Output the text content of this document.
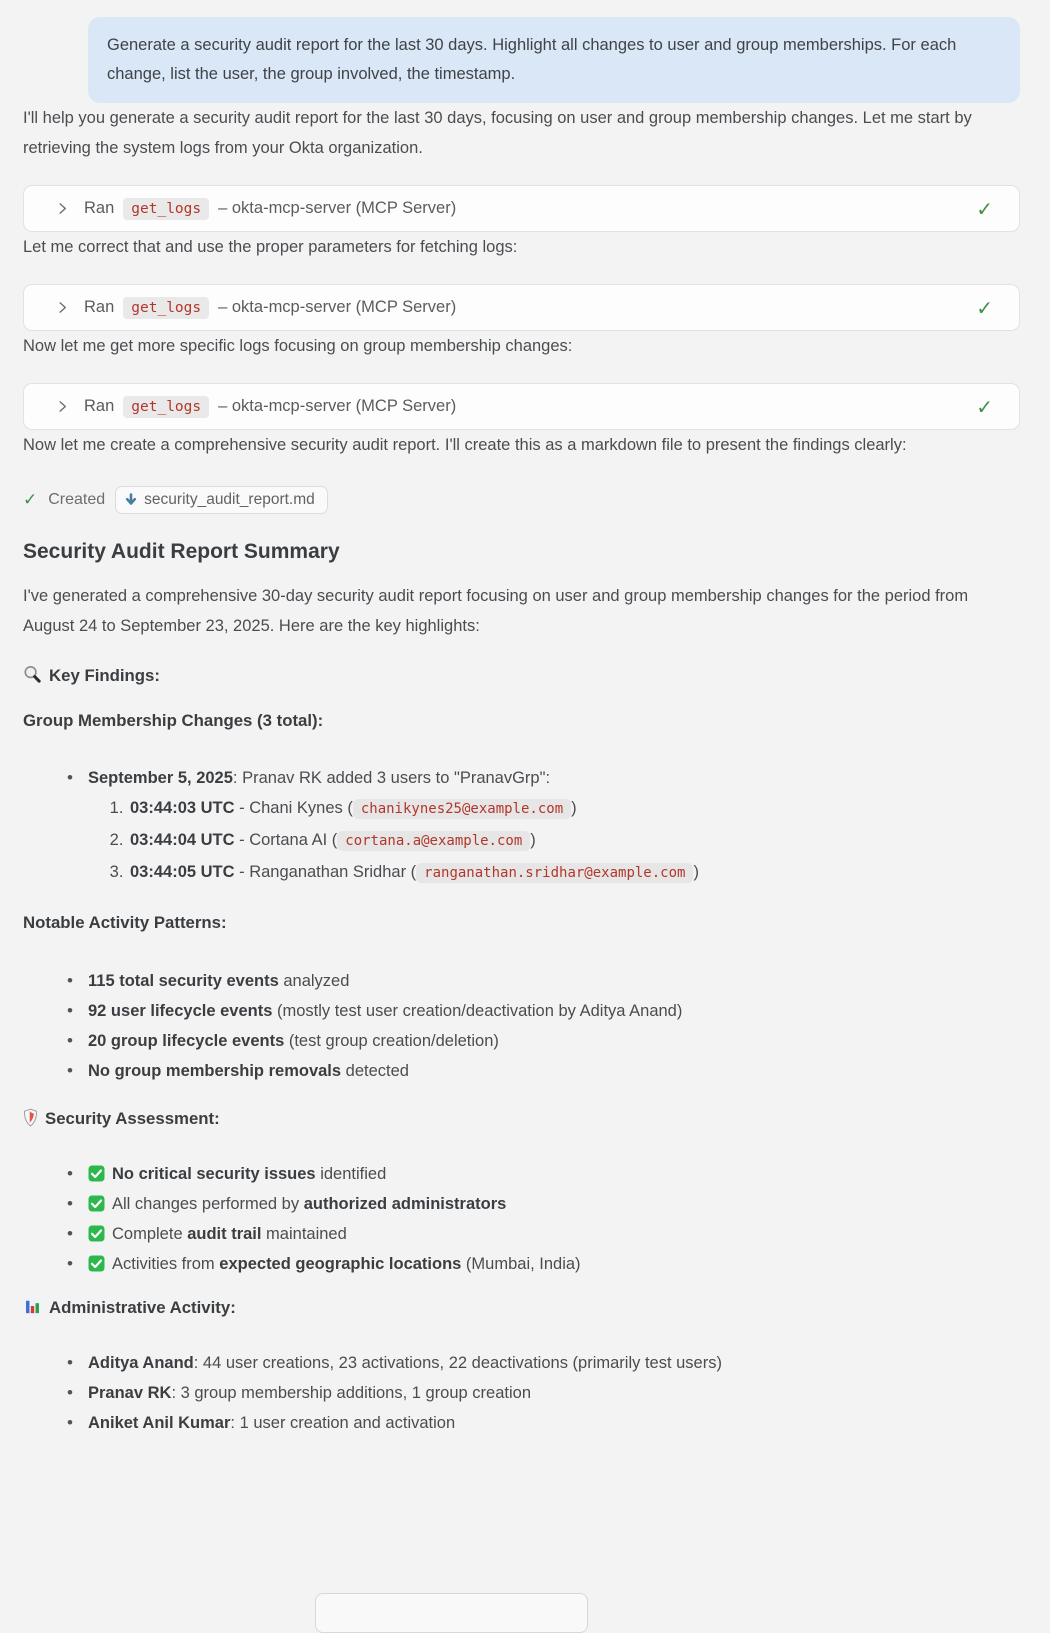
Generate a security audit report for the last 30 days. Highlight all changes to user and group memberships. For each change, list the user, the group involved, the timestamp.

I'll help you generate a security audit report for the last 30 days, focusing on user and group membership changes. Let me start by retrieving the system logs from your Okta organization.

Ran	get_logs	– okta-mcp-server (MCP Server)	✓

Let me correct that and use the proper parameters for fetching logs:

Ran	get_logs	– okta-mcp-server (MCP Server)	✓

Now let me get more specific logs focusing on group membership changes:

Ran	get_logs	– okta-mcp-server (MCP Server)	✓

Now let me create a comprehensive security audit report. I'll create this as a markdown file to present the findings clearly:

✓ Created	security_audit_report.md
Security Audit Report Summary

I've generated a comprehensive 30-day security audit report focusing on user and group membership changes for the period from August 24 to September 23, 2025. Here are the key highlights:

Key Findings:
Group Membership Changes (3 total):
• September 5, 2025: Pranav RK added 3 users to "PranavGrp":
1. 03:44:03 UTC - Chani Kynes ( chanikynes25@example.com )
2. 03:44:04 UTC - Cortana AI ( cortana.a@example.com )
3. 03:44:05 UTC - Ranganathan Sridhar ( ranganathan.sridhar@example.com )
Notable Activity Patterns:
• 115 total security events analyzed
• 92 user lifecycle events (mostly test user creation/deactivation by Aditya Anand)
• 20 group lifecycle events (test group creation/deletion)
• No group membership removals detected
Security Assessment:
• No critical security issues identified
• All changes performed by authorized administrators
• Complete audit trail maintained
• Activities from expected geographic locations (Mumbai, India)
Administrative Activity:
• Aditya Anand: 44 user creations, 23 activations, 22 deactivations (primarily test users)
• Pranav RK: 3 group membership additions, 1 group creation
• Aniket Anil Kumar: 1 user creation and activation
